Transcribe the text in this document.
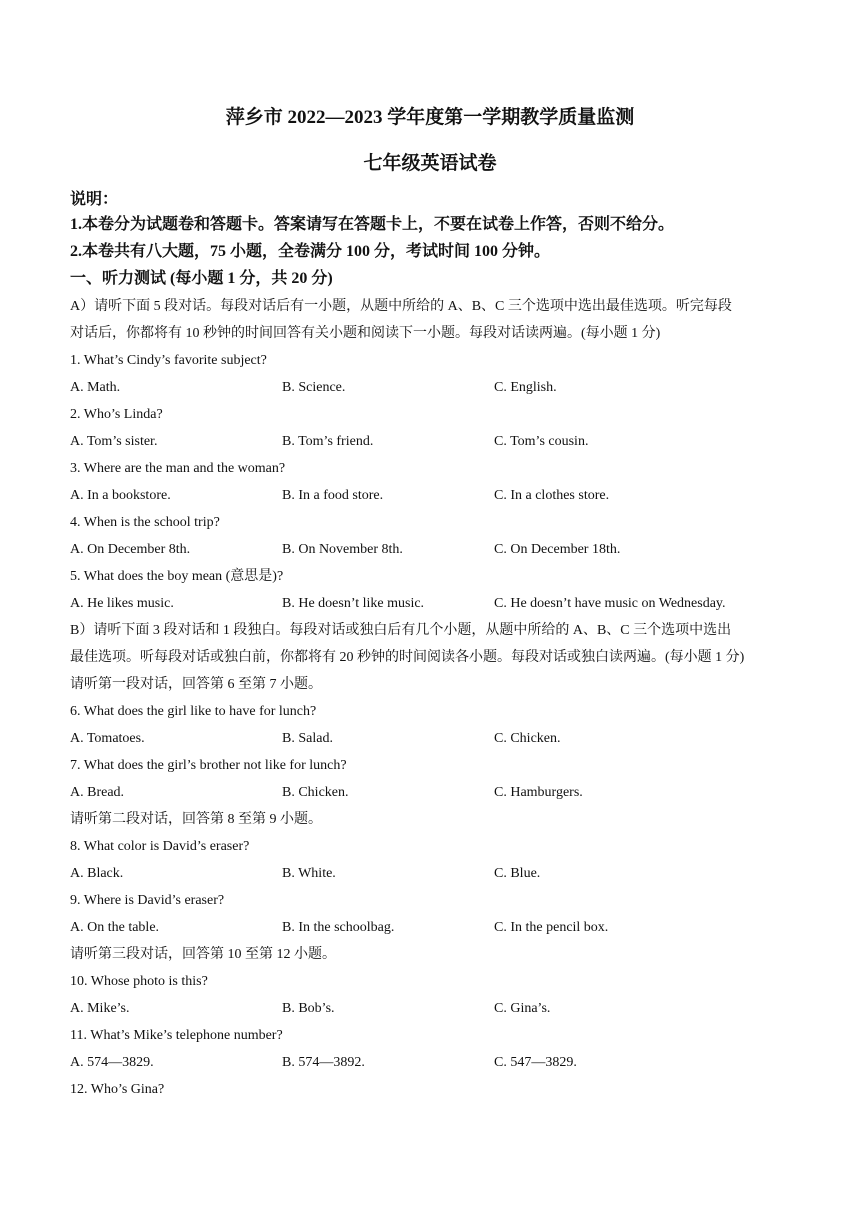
萍乡市 2022—2023 学年度第一学期教学质量监测
七年级英语试卷
说明：
1.本卷分为试题卷和答题卡。答案请写在答题卡上，不要在试卷上作答，否则不给分。
2.本卷共有八大题，75 小题，全卷满分 100 分，考试时间 100 分钟。
一、听力测试 (每小题 1 分，共 20 分)
A）请听下面 5 段对话。每段对话后有一小题，从题中所给的 A、B、C 三个选项中选出最佳选项。听完每段
对话后，你都将有 10 秒钟的时间回答有关小题和阅读下一小题。每段对话读两遍。(每小题 1 分)
1. What’s Cindy’s favorite subject?
A. Math.	B. Science.	C. English.
2. Who’s Linda?
A. Tom’s sister.	B. Tom’s friend.	C. Tom’s cousin.
3. Where are the man and the woman?
A. In a bookstore.	B. In a food store.	C. In a clothes store.
4. When is the school trip?
A. On December 8th.	B. On November 8th.	C. On December 18th.
5. What does the boy mean (意思是)?
A. He likes music.	B. He doesn’t like music.	C. He doesn’t have music on Wednesday.
B）请听下面 3 段对话和 1 段独白。每段对话或独白后有几个小题，从题中所给的 A、B、C 三个选项中选出
最佳选项。听每段对话或独白前，你都将有 20 秒钟的时间阅读各小题。每段对话或独白读两遍。(每小题 1 分)
请听第一段对话，回答第 6 至第 7 小题。
6. What does the girl like to have for lunch?
A. Tomatoes.	B. Salad.	C. Chicken.
7. What does the girl’s brother not like for lunch?
A. Bread.	B. Chicken.	C. Hamburgers.
请听第二段对话，回答第 8 至第 9 小题。
8. What color is David’s eraser?
A. Black.	B. White.	C. Blue.
9. Where is David’s eraser?
A. On the table.	B. In the schoolbag.	C. In the pencil box.
请听第三段对话，回答第 10 至第 12 小题。
10. Whose photo is this?
A. Mike’s.	B. Bob’s.	C. Gina’s.
11. What’s Mike’s telephone number?
A. 574—3829.	B. 574—3892.	C. 547—3829.
12. Who’s Gina?
